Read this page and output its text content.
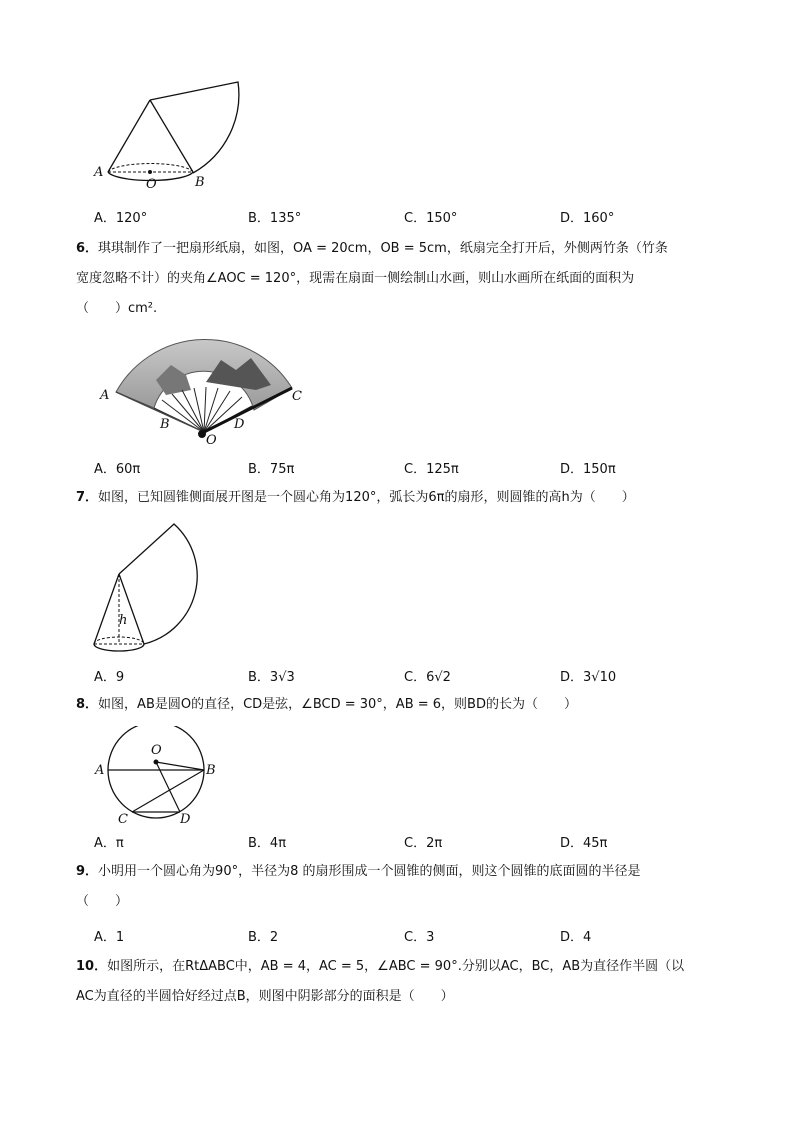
A
O	B
A．120°	B．135°	C．150°	D．160°
6．琪琪制作了一把扇形纸扇，如图，OA = 20cm，OB = 5cm，纸扇完全打开后，外侧两竹条（竹条
宽度忽略不计）的夹角∠AOC = 120°，现需在扇面一侧绘制山水画，则山水画所在纸面的面积为
（　　）cm².
A
B
O
D
C
A．60π	B．75π	C．125π	D．150π
7．如图，已知圆锥侧面展开图是一个圆心角为120°，弧长为6π的扇形，则圆锥的高h为（　　）
h
A．9	B．3√3	C．6√2	D．3√10
8．如图，AB是圆O的直径，CD是弦，∠BCD = 30°，AB = 6，则BD的长为（　　）
A
O
B
C	D
A．π	B．4π	C．2π	D．45π
9．小明用一个圆心角为90°，半径为8 的扇形围成一个圆锥的侧面，则这个圆锥的底面圆的半径是
（　　）
A．1	B．2	C．3	D．4
10．如图所示，在RtΔABC中，AB = 4，AC = 5，∠ABC = 90°.分别以AC，BC，AB为直径作半圆（以
AC为直径的半圆恰好经过点B，则图中阴影部分的面积是（　　）
